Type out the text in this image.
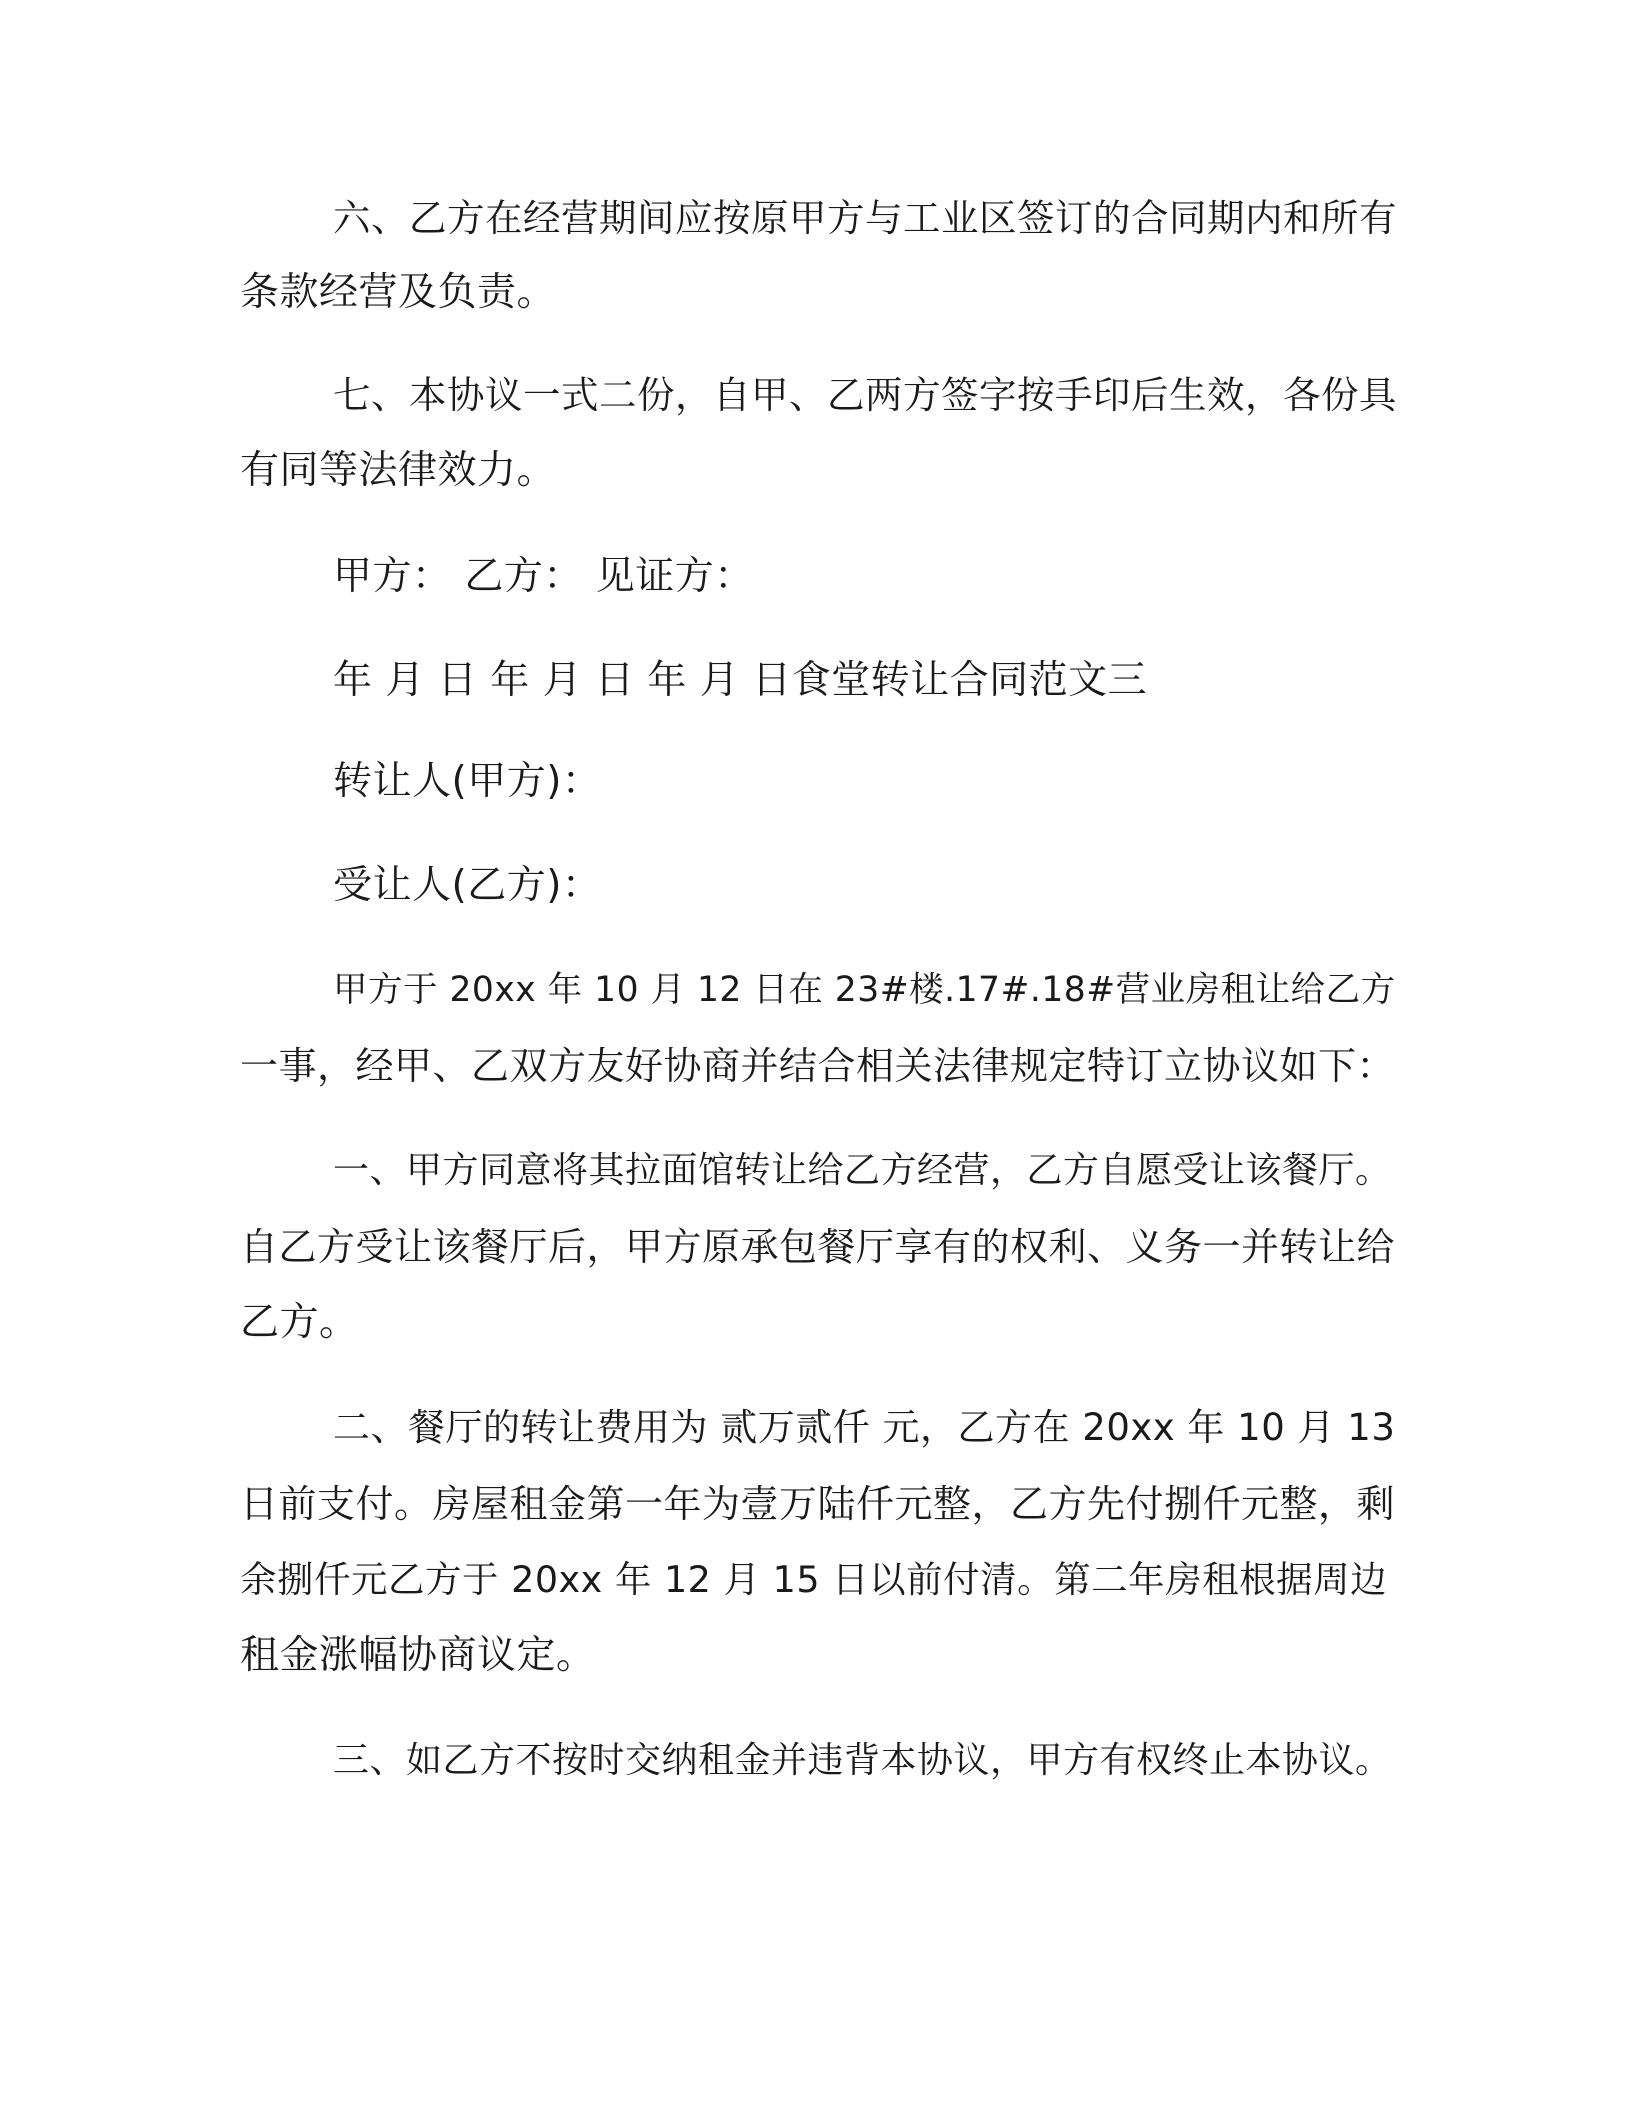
六、乙方在经营期间应按原甲方与工业区签订的合同期内和所有
条款经营及负责。
七、本协议一式二份，自甲、乙两方签字按手印后生效，各份具
有同等法律效力。
甲方： 乙方： 见证方：
年 月 日 年 月 日 年 月 日食堂转让合同范文三
转让人(甲方)：
受让人(乙方)：
甲方于 20xx 年 10 月 12 日在 23#楼.17#.18#营业房租让给乙方
一事，经甲、乙双方友好协商并结合相关法律规定特订立协议如下：
一、甲方同意将其拉面馆转让给乙方经营，乙方自愿受让该餐厅。
自乙方受让该餐厅后，甲方原承包餐厅享有的权利、义务一并转让给
乙方。
二、餐厅的转让费用为 贰万贰仟 元，乙方在 20xx 年 10 月 13
日前支付。房屋租金第一年为壹万陆仟元整，乙方先付捌仟元整，剩
余捌仟元乙方于 20xx 年 12 月 15 日以前付清。第二年房租根据周边
租金涨幅协商议定。
三、如乙方不按时交纳租金并违背本协议，甲方有权终止本协议。
